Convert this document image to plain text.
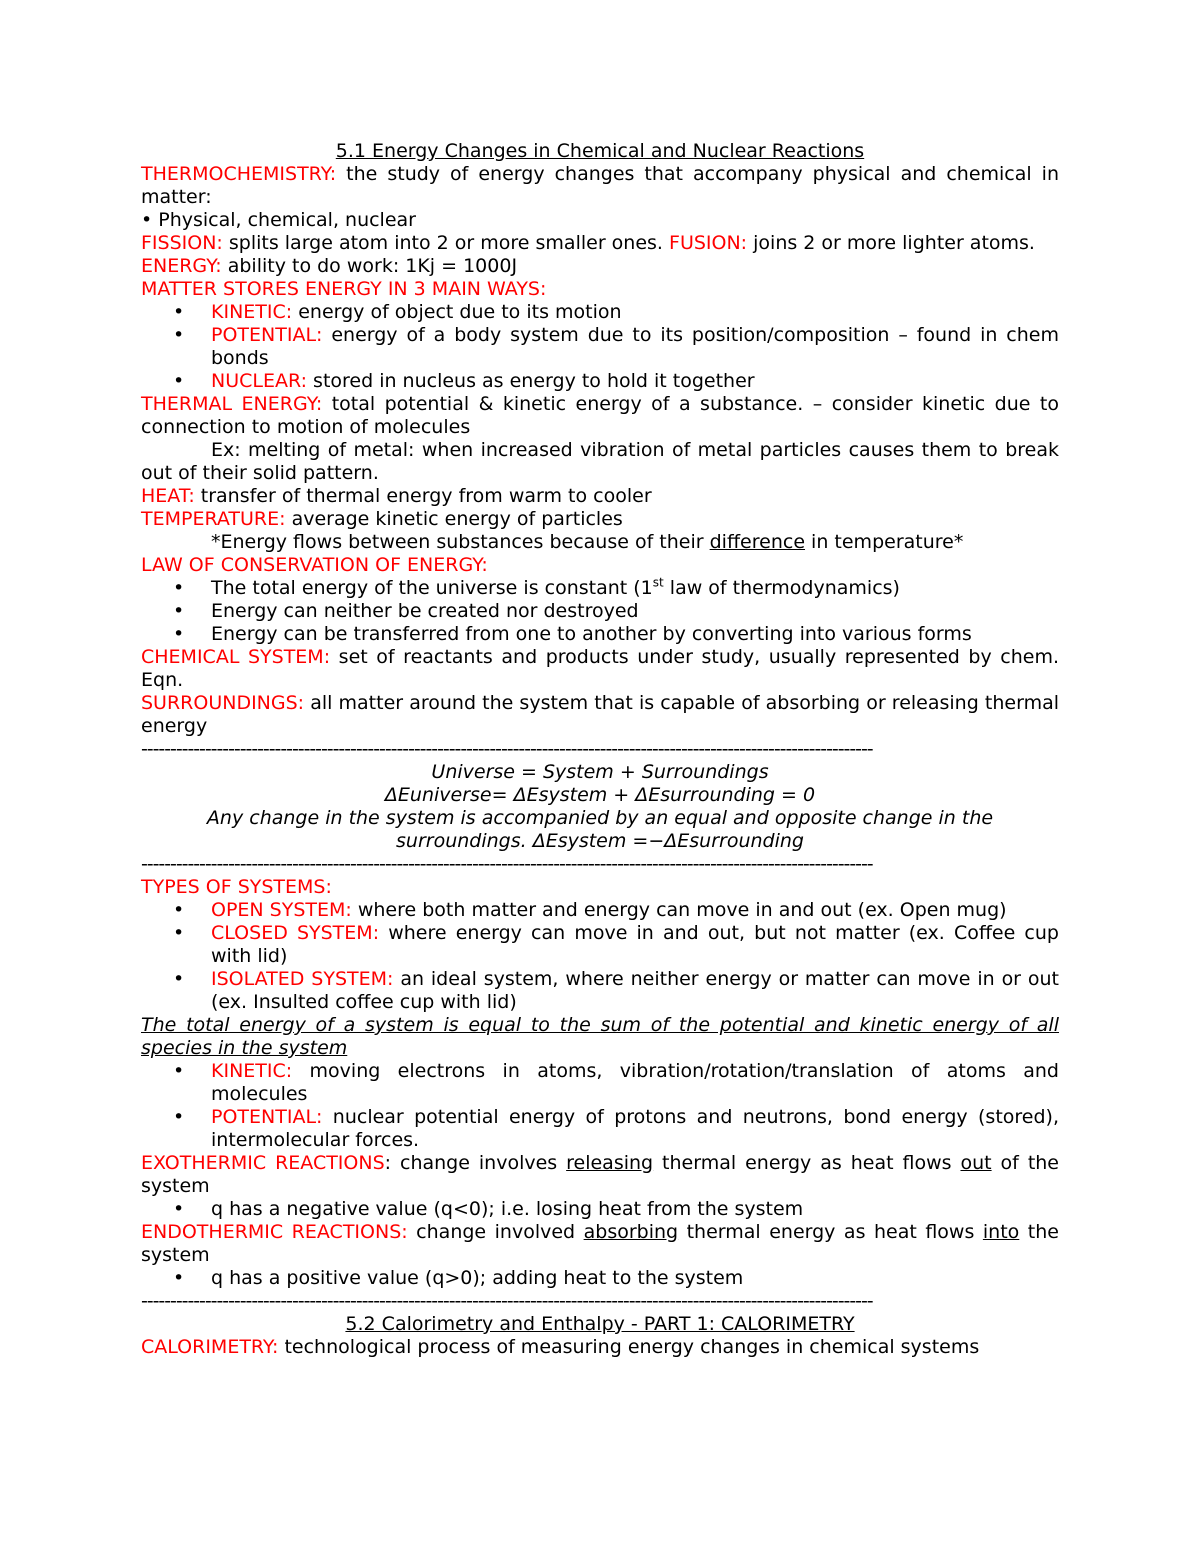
5.1 Energy Changes in Chemical and Nuclear Reactions

THERMOCHEMISTRY: the study of energy changes that accompany physical and chemical in matter:

• Physical, chemical, nuclear

FISSION: splits large atom into 2 or more smaller ones. FUSION: joins 2 or more lighter atoms.

ENERGY: ability to do work: 1Kj = 1000J

MATTER STORES ENERGY IN 3 MAIN WAYS:

• KINETIC: energy of object due to its motion
• POTENTIAL: energy of a body system due to its position/composition – found in chem bonds
• NUCLEAR: stored in nucleus as energy to hold it together

THERMAL ENERGY: total potential & kinetic energy of a substance. – consider kinetic due to connection to motion of molecules

Ex: melting of metal: when increased vibration of metal particles causes them to break out of their solid pattern.

HEAT: transfer of thermal energy from warm to cooler

TEMPERATURE: average kinetic energy of particles

*Energy flows between substances because of their difference in temperature*

LAW OF CONSERVATION OF ENERGY:

• The total energy of the universe is constant (1st law of thermodynamics)
• Energy can neither be created nor destroyed
• Energy can be transferred from one to another by converting into various forms

CHEMICAL SYSTEM: set of reactants and products under study, usually represented by chem. Eqn.

SURROUNDINGS: all matter around the system that is capable of absorbing or releasing thermal energy

------------------------------------------------------------------------------------------------------------------------------

Universe = System + Surroundings

ΔEuniverse= ΔEsystem + ΔEsurrounding = 0

Any change in the system is accompanied by an equal and opposite change in the surroundings. ΔEsystem =−ΔEsurrounding

------------------------------------------------------------------------------------------------------------------------------

TYPES OF SYSTEMS:

• OPEN SYSTEM: where both matter and energy can move in and out (ex. Open mug)
• CLOSED SYSTEM: where energy can move in and out, but not matter (ex. Coffee cup with lid)
• ISOLATED SYSTEM: an ideal system, where neither energy or matter can move in or out (ex. Insulted coffee cup with lid)

The total energy of a system is equal to the sum of the potential and kinetic energy of all species in the system

• KINETIC: moving electrons in atoms, vibration/rotation/translation of atoms and molecules
• POTENTIAL: nuclear potential energy of protons and neutrons, bond energy (stored), intermolecular forces.

EXOTHERMIC REACTIONS: change involves releasing thermal energy as heat flows out of the system

• q has a negative value (q<0); i.e. losing heat from the system

ENDOTHERMIC REACTIONS: change involved absorbing thermal energy as heat flows into the system

• q has a positive value (q>0); adding heat to the system
------------------------------------------------------------------------------------------------------------------------------

5.2 Calorimetry and Enthalpy - PART 1: CALORIMETRY

CALORIMETRY: technological process of measuring energy changes in chemical systems
